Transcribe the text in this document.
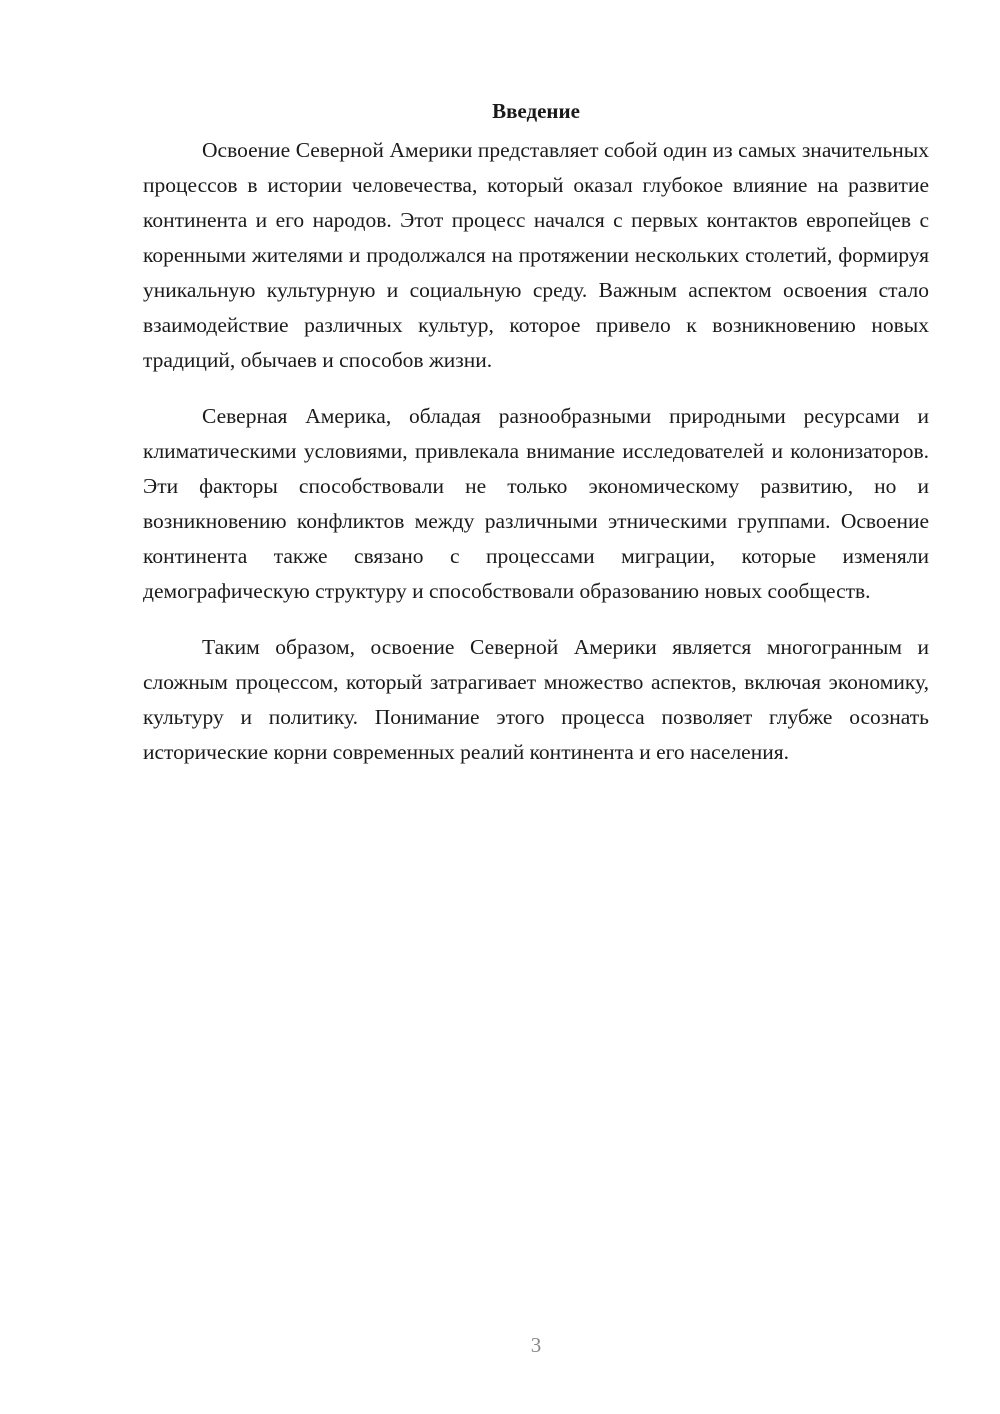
Введение

Освоение Северной Америки представляет собой один из самых значительных процессов в истории человечества, который оказал глубокое влияние на развитие континента и его народов. Этот процесс начался с первых контактов европейцев с коренными жителями и продолжался на протяжении нескольких столетий, формируя уникальную культурную и социальную среду. Важным аспектом освоения стало взаимодействие различных культур, которое привело к возникновению новых традиций, обычаев и способов жизни.

Северная Америка, обладая разнообразными природными ресурсами и климатическими условиями, привлекала внимание исследователей и колонизаторов. Эти факторы способствовали не только экономическому развитию, но и возникновению конфликтов между различными этническими группами. Освоение континента также связано с процессами миграции, которые изменяли демографическую структуру и способствовали образованию новых сообществ.

Таким образом, освоение Северной Америки является многогранным и сложным процессом, который затрагивает множество аспектов, включая экономику, культуру и политику. Понимание этого процесса позволяет глубже осознать исторические корни современных реалий континента и его населения.

3
